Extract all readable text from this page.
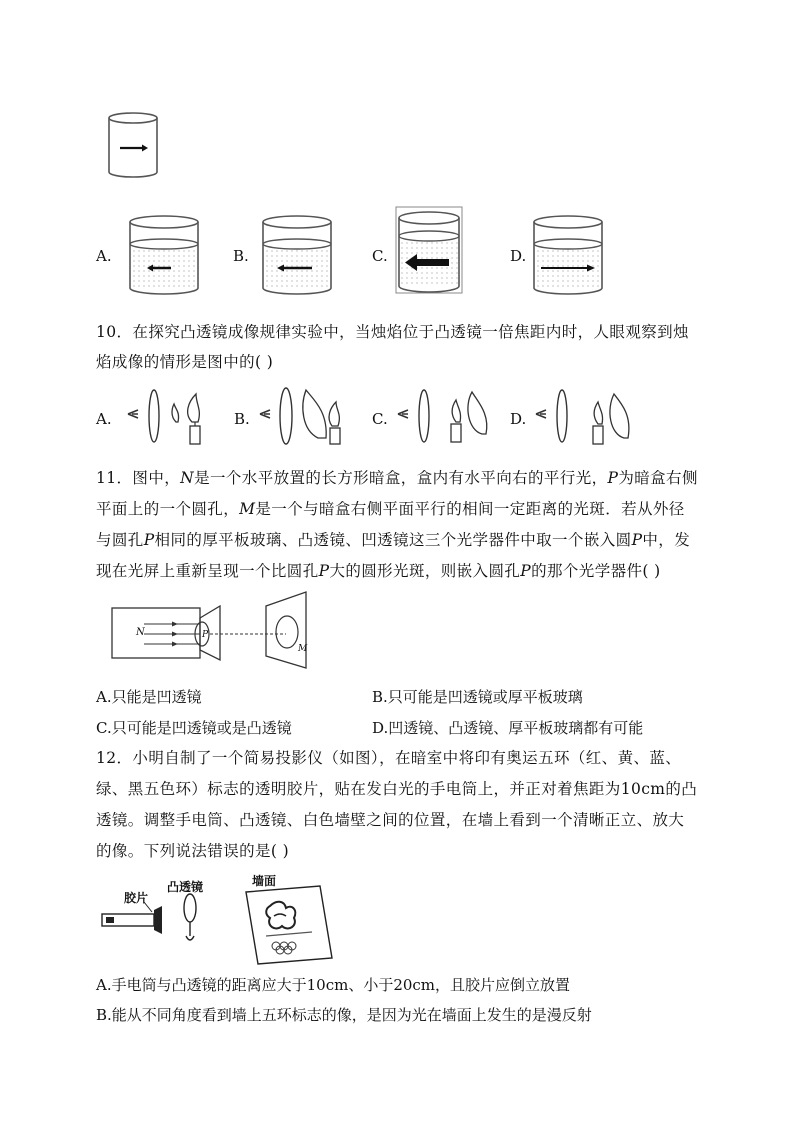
A.	B.	C.	D.
10．在探究凸透镜成像规律实验中，当烛焰位于凸透镜一倍焦距内时，人眼观察到烛
焰成像的情形是图中的( )
A.	B.	C.	D.
11．图中，N是一个水平放置的长方形暗盒，盒内有水平向右的平行光，P为暗盒右侧
平面上的一个圆孔，M是一个与暗盒右侧平面平行的相间一定距离的光斑．若从外径
与圆孔P相同的厚平板玻璃、凸透镜、凹透镜这三个光学器件中取一个嵌入圆P中，发
现在光屏上重新呈现一个比圆孔P大的圆形光斑，则嵌入圆孔P的那个光学器件( )
N	P
M
A.只能是凹透镜	B.只可能是凹透镜或厚平板玻璃
C.只可能是凹透镜或是凸透镜	D.凹透镜、凸透镜、厚平板玻璃都有可能
12．小明自制了一个简易投影仪（如图），在暗室中将印有奥运五环（红、黄、蓝、
绿、黑五色环）标志的透明胶片，贴在发白光的手电筒上，并正对着焦距为10cm的凸
透镜。调整手电筒、凸透镜、白色墙壁之间的位置，在墙上看到一个清晰正立、放大
的像。下列说法错误的是( )
胶片
凸透镜	墙面
A.手电筒与凸透镜的距离应大于10cm、小于20cm，且胶片应倒立放置
B.能从不同角度看到墙上五环标志的像，是因为光在墙面上发生的是漫反射
